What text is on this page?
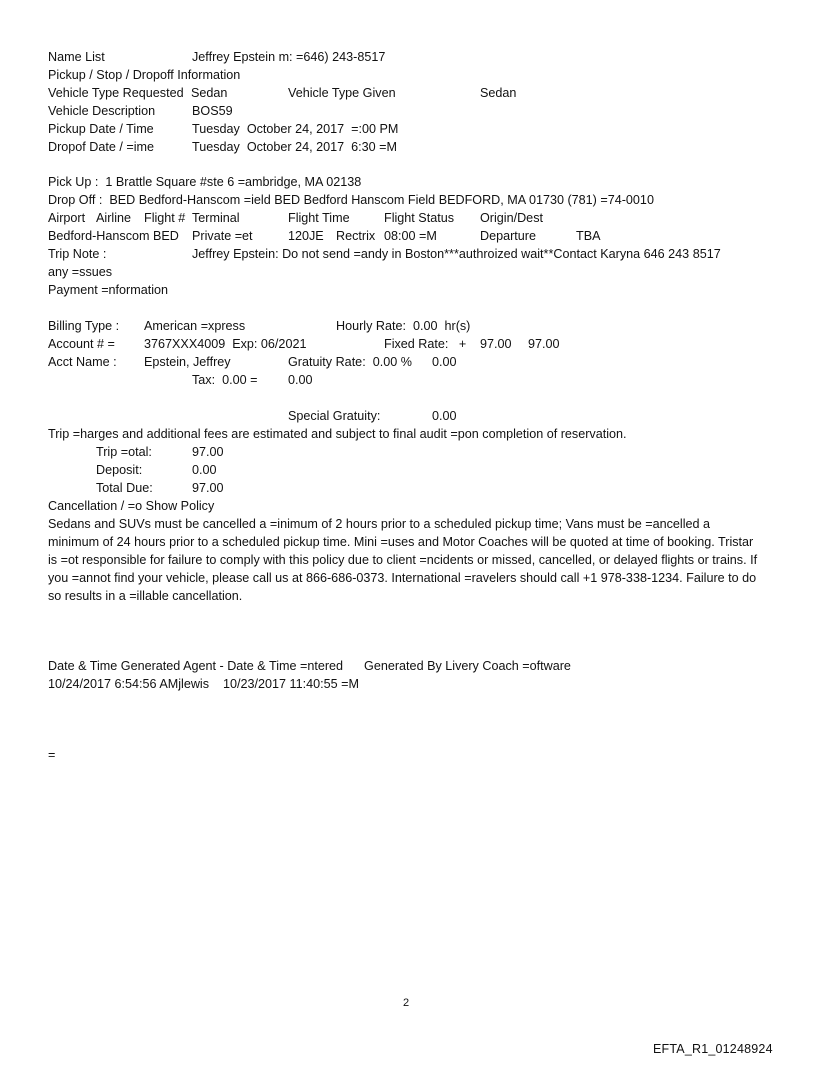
Name List	Jeffrey Epstein m: =646) 243-8517
Pickup / Stop / Dropoff Information
Vehicle Type Requested Sedan	Vehicle Type Given	Sedan
Vehicle Description	BOS59
Pickup Date / Time	Tuesday  October 24, 2017  =:00 PM
Dropof Date / =ime	Tuesday  October 24, 2017  6:30 =M
Pick Up :  1 Brattle Square #ste 6 =ambridge, MA 02138
Drop Off :  BED Bedford-Hanscom =ield BED Bedford Hanscom Field BEDFORD, MA 01730 (781) =74-0010
Airport Airline Flight # Terminal	Flight Time	Flight Status Origin/Dest
Bedford-Hanscom BED Private =et	120JE Rectrix 08:00 =M	Departure	TBA
Trip Note :	Jeffrey Epstein: Do not send =andy in Boston***authroized wait**Contact Karyna 646 243 8517
any =ssues
Payment =nformation
Billing Type : American =xpress	Hourly Rate:  0.00  hr(s)
Account # = 3767XXX4009  Exp: 06/2021	Fixed Rate:   + 97.00 97.00
Acct Name : Epstein, Jeffrey	Gratuity Rate:  0.00 % 0.00
Tax:  0.00 = 0.00
Special Gratuity:	0.00
Trip =harges and additional fees are estimated and subject to final audit =pon completion of reservation.
Trip =otal:	97.00
Deposit:	0.00
Total Due:	97.00
Cancellation / =o Show Policy
Sedans and SUVs must be cancelled a =inimum of 2 hours prior to a scheduled pickup time; Vans must be =ancelled a minimum of 24 hours prior to a scheduled pickup time. Mini =uses and Motor Coaches will be quoted at time of booking. Tristar is =ot responsible for failure to comply with this policy due to client =ncidents or missed, cancelled, or delayed flights or trains. If you =annot find your vehicle, please call us at 866-686-0373. International =ravelers should call +1 978-338-1234. Failure to do so results in a =illable cancellation.
Date & Time Generated Agent - Date & Time =ntered      Generated By Livery Coach =oftware
10/24/2017 6:54:56 AMjlewis    10/23/2017 11:40:55 =M
=
2
EFTA_R1_01248924
